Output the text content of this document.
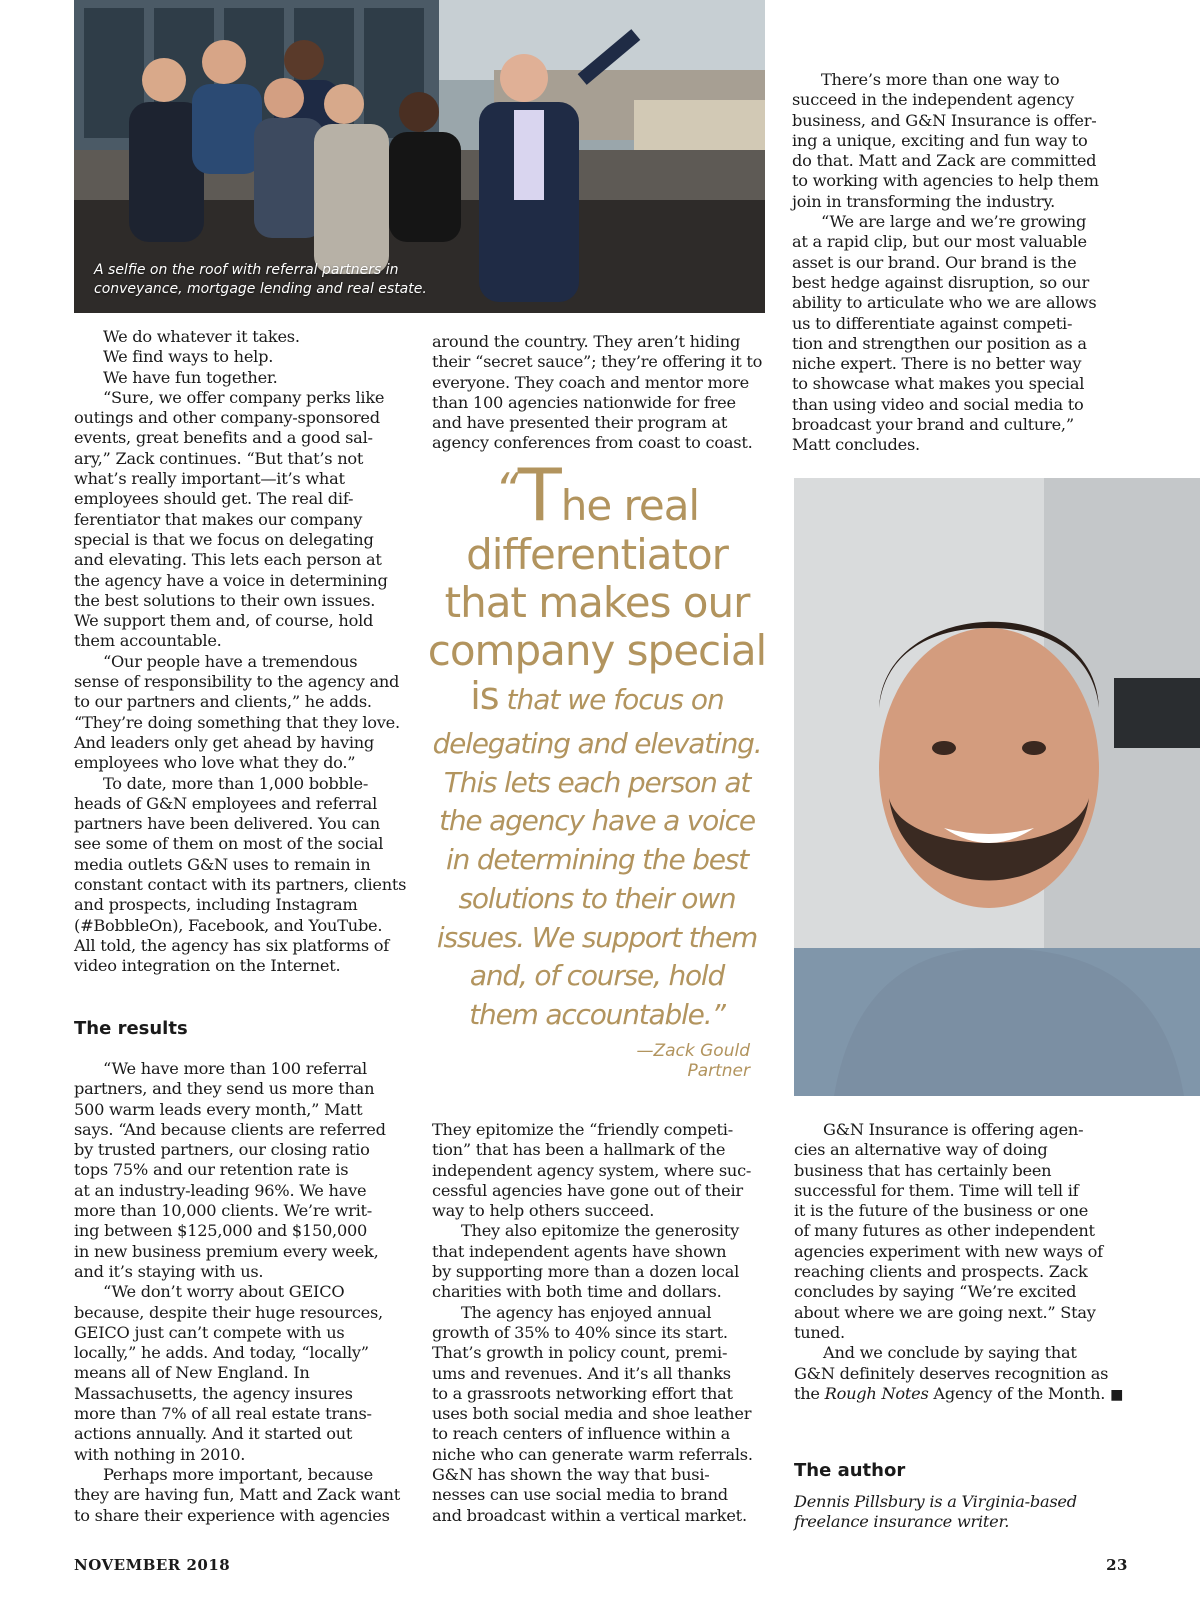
A selfie on the roof with referral partners in
conveyance, mortgage lending and real estate.
We do whatever it takes.
We find ways to help.
We have fun together.
“Sure, we offer company perks like
outings and other company-sponsored
events, great benefits and a good sal-
ary,” Zack continues. “But that’s not
what’s really important—it’s what
employees should get. The real dif-
ferentiator that makes our company
special is that we focus on delegating
and elevating. This lets each person at
the agency have a voice in determining
the best solutions to their own issues.
We support them and, of course, hold
them accountable.
“Our people have a tremendous
sense of responsibility to the agency and
to our partners and clients,” he adds.
“They’re doing something that they love.
And leaders only get ahead by having
employees who love what they do.”
To date, more than 1,000 bobble-
heads of G&N employees and referral
partners have been delivered. You can
see some of them on most of the social
media outlets G&N uses to remain in
constant contact with its partners, clients
and prospects, including Instagram
(#BobbleOn), Facebook, and YouTube.
All told, the agency has six platforms of
video integration on the Internet.
The results
“We have more than 100 referral
partners, and they send us more than
500 warm leads every month,” Matt
says. “And because clients are referred
by trusted partners, our closing ratio
tops 75% and our retention rate is
at an industry-leading 96%. We have
more than 10,000 clients. We’re writ-
ing between $125,000 and $150,000
in new business premium every week,
and it’s staying with us.
“We don’t worry about GEICO
because, despite their huge resources,
GEICO just can’t compete with us
locally,” he adds. And today, “locally”
means all of New England. In
Massachusetts, the agency insures
more than 7% of all real estate trans-
actions annually. And it started out
with nothing in 2010.
Perhaps more important, because
they are having fun, Matt and Zack want
to share their experience with agencies
around the country. They aren’t hiding
their “secret sauce”; they’re offering it to
everyone. They coach and mentor more
than 100 agencies nationwide for free
and have presented their program at
agency conferences from coast to coast.
“The real
differentiator
that makes our
company special
is that we focus on
delegating and elevating.
This lets each person at
the agency have a voice
in determining the best
solutions to their own
issues. We support them
and, of course, hold
them accountable.”
—Zack Gould
Partner
They epitomize the “friendly competi-
tion” that has been a hallmark of the
independent agency system, where suc-
cessful agencies have gone out of their
way to help others succeed.
They also epitomize the generosity
that independent agents have shown
by supporting more than a dozen local
charities with both time and dollars.
The agency has enjoyed annual
growth of 35% to 40% since its start.
That’s growth in policy count, premi-
ums and revenues. And it’s all thanks
to a grassroots networking effort that
uses both social media and shoe leather
to reach centers of influence within a
niche who can generate warm referrals.
G&N has shown the way that busi-
nesses can use social media to brand
and broadcast within a vertical market.
There’s more than one way to
succeed in the independent agency
business, and G&N Insurance is offer-
ing a unique, exciting and fun way to
do that. Matt and Zack are committed
to working with agencies to help them
join in transforming the industry.
“We are large and we’re growing
at a rapid clip, but our most valuable
asset is our brand. Our brand is the
best hedge against disruption, so our
ability to articulate who we are allows
us to differentiate against competi-
tion and strengthen our position as a
niche expert. There is no better way
to showcase what makes you special
than using video and social media to
broadcast your brand and culture,”
Matt concludes.
G&N Insurance is offering agen-
cies an alternative way of doing
business that has certainly been
successful for them. Time will tell if
it is the future of the business or one
of many futures as other independent
agencies experiment with new ways of
reaching clients and prospects. Zack
concludes by saying “We’re excited
about where we are going next.” Stay
tuned.
And we conclude by saying that
G&N definitely deserves recognition as
the Rough Notes Agency of the Month. ■
The author
Dennis Pillsbury is a Virginia-based
freelance insurance writer.
NOVEMBER 2018	23
